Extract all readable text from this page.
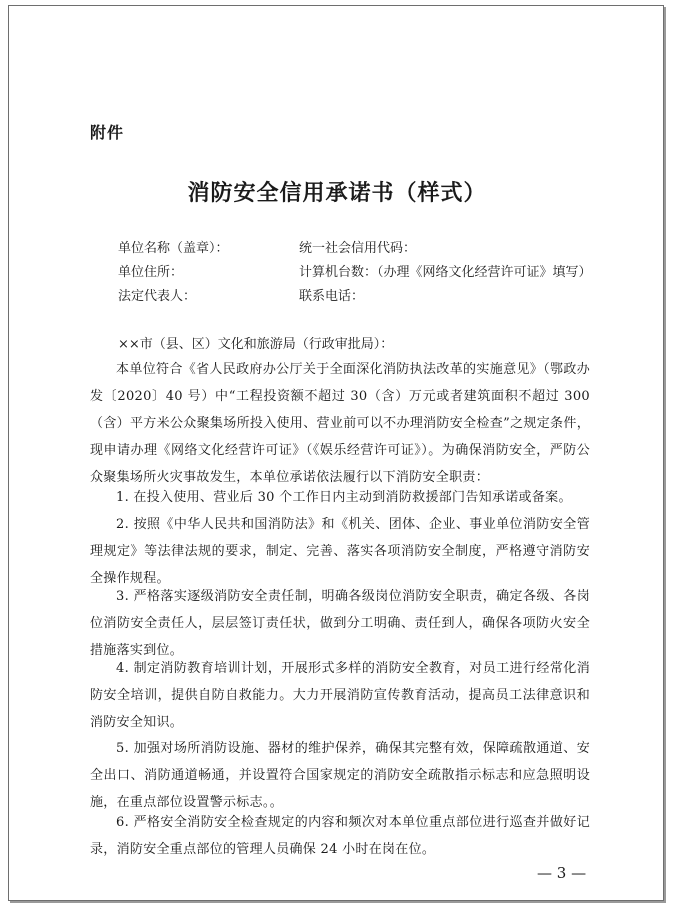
附件
消防安全信用承诺书（样式）
单位名称（盖章）：	统一社会信用代码：
单位住所：	计算机台数：（办理《网络文化经营许可证》填写）
法定代表人：	联系电话：
××市（县、区）文化和旅游局（行政审批局）：
本单位符合《省人民政府办公厅关于全面深化消防执法改革的实施意见》（鄂政办发〔2020〕40 号）中“工程投资额不超过 30（含）万元或者建筑面积不超过 300（含）平方米公众聚集场所投入使用、营业前可以不办理消防安全检查”之规定条件，现申请办理《网络文化经营许可证》（《娱乐经营许可证》）。为确保消防安全，严防公众聚集场所火灾事故发生，本单位承诺依法履行以下消防安全职责：
1. 在投入使用、营业后 30 个工作日内主动到消防救援部门告知承诺或备案。
2. 按照《中华人民共和国消防法》和《机关、团体、企业、事业单位消防安全管理规定》等法律法规的要求，制定、完善、落实各项消防安全制度，严格遵守消防安全操作规程。
3. 严格落实逐级消防安全责任制，明确各级岗位消防安全职责，确定各级、各岗位消防安全责任人，层层签订责任状，做到分工明确、责任到人，确保各项防火安全措施落实到位。
4. 制定消防教育培训计划，开展形式多样的消防安全教育，对员工进行经常化消防安全培训，提供自防自救能力。大力开展消防宣传教育活动，提高员工法律意识和消防安全知识。
5. 加强对场所消防设施、器材的维护保养，确保其完整有效，保障疏散通道、安全出口、消防通道畅通，并设置符合国家规定的消防安全疏散指示标志和应急照明设施，在重点部位设置警示标志。。
6. 严格安全消防安全检查规定的内容和频次对本单位重点部位进行巡查并做好记录，消防安全重点部位的管理人员确保 24 小时在岗在位。
— 3 —
